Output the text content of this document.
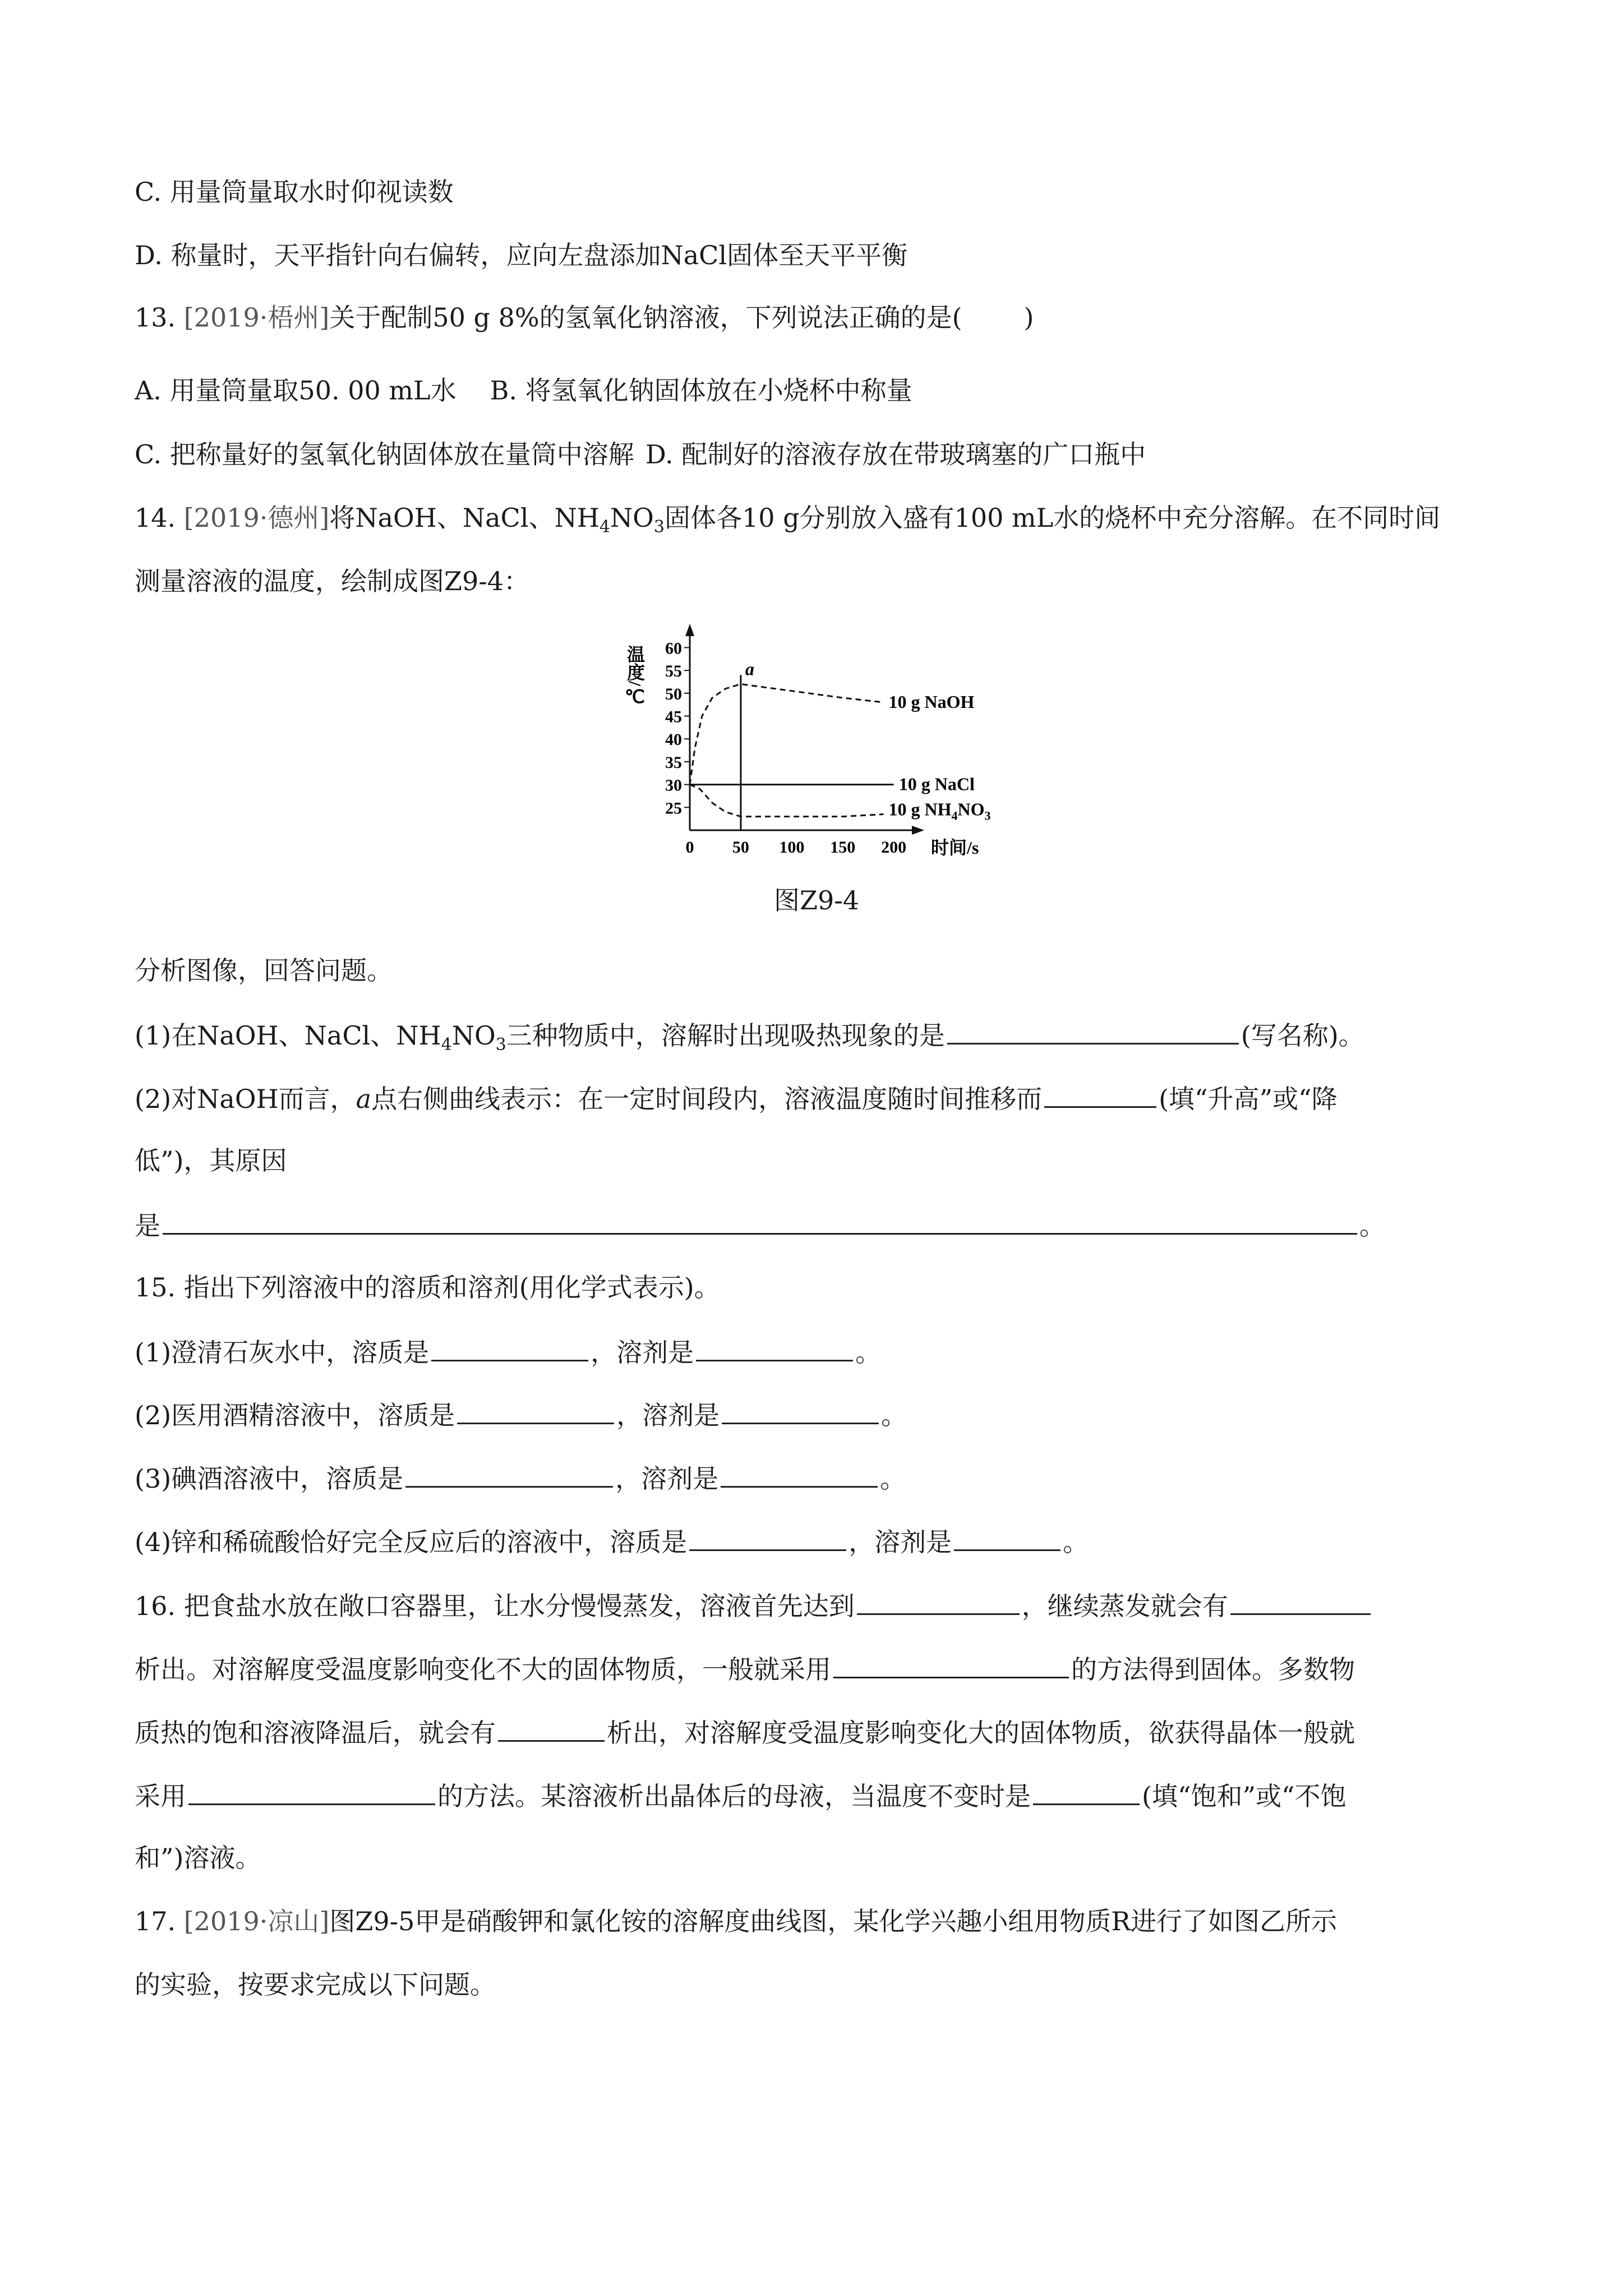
C. 用量筒量取水时仰视读数
D. 称量时，天平指针向右偏转，应向左盘添加NaCl固体至天平平衡
13. [2019·梧州]关于配制50 g 8%的氢氧化钠溶液，下列说法正确的是( )
A. 用量筒量取50. 00 mL水 B. 将氢氧化钠固体放在小烧杯中称量
C. 把称量好的氢氧化钠固体放在量筒中溶解 D. 配制好的溶液存放在带玻璃塞的广口瓶中
14. [2019·德州]将NaOH、NaCl、$NH_4NO_3$固体各10 g分别放入盛有100 mL水的烧杯中充分溶解。在不同时间
测量溶液的温度，绘制成图Z9-4：
温度/℃
时间/s
25
30
35
40
45
50
55
60
0 50 100 150 200
a
10 g NaOH
10 g NaCl
10 g $NH_4NO_3$
图Z9-4
分析图像，回答问题。
(1)在NaOH、NaCl、$NH_4NO_3$三种物质中，溶解时出现吸热现象的是	(写名称)。
(2)对NaOH而言，a点右侧曲线表示：在一定时间段内，溶液温度随时间推移而	(填“升高”或“降
低”)，其原因
是	。
15. 指出下列溶液中的溶质和溶剂(用化学式表示)。
(1)澄清石灰水中，溶质是	，溶剂是	。
(2)医用酒精溶液中，溶质是	，溶剂是	。
(3)碘酒溶液中，溶质是	，溶剂是	。
(4)锌和稀硫酸恰好完全反应后的溶液中，溶质是	，溶剂是	。
16. 把食盐水放在敞口容器里，让水分慢慢蒸发，溶液首先达到	，继续蒸发就会有
析出。对溶解度受温度影响变化不大的固体物质，一般就采用	的方法得到固体。多数物
质热的饱和溶液降温后，就会有	析出，对溶解度受温度影响变化大的固体物质，欲获得晶体一般就
采用	的方法。某溶液析出晶体后的母液，当温度不变时是	(填“饱和”或“不饱
和”)溶液。
17. [2019·凉山]图Z9-5甲是硝酸钾和氯化铵的溶解度曲线图，某化学兴趣小组用物质R进行了如图乙所示
的实验，按要求完成以下问题。
